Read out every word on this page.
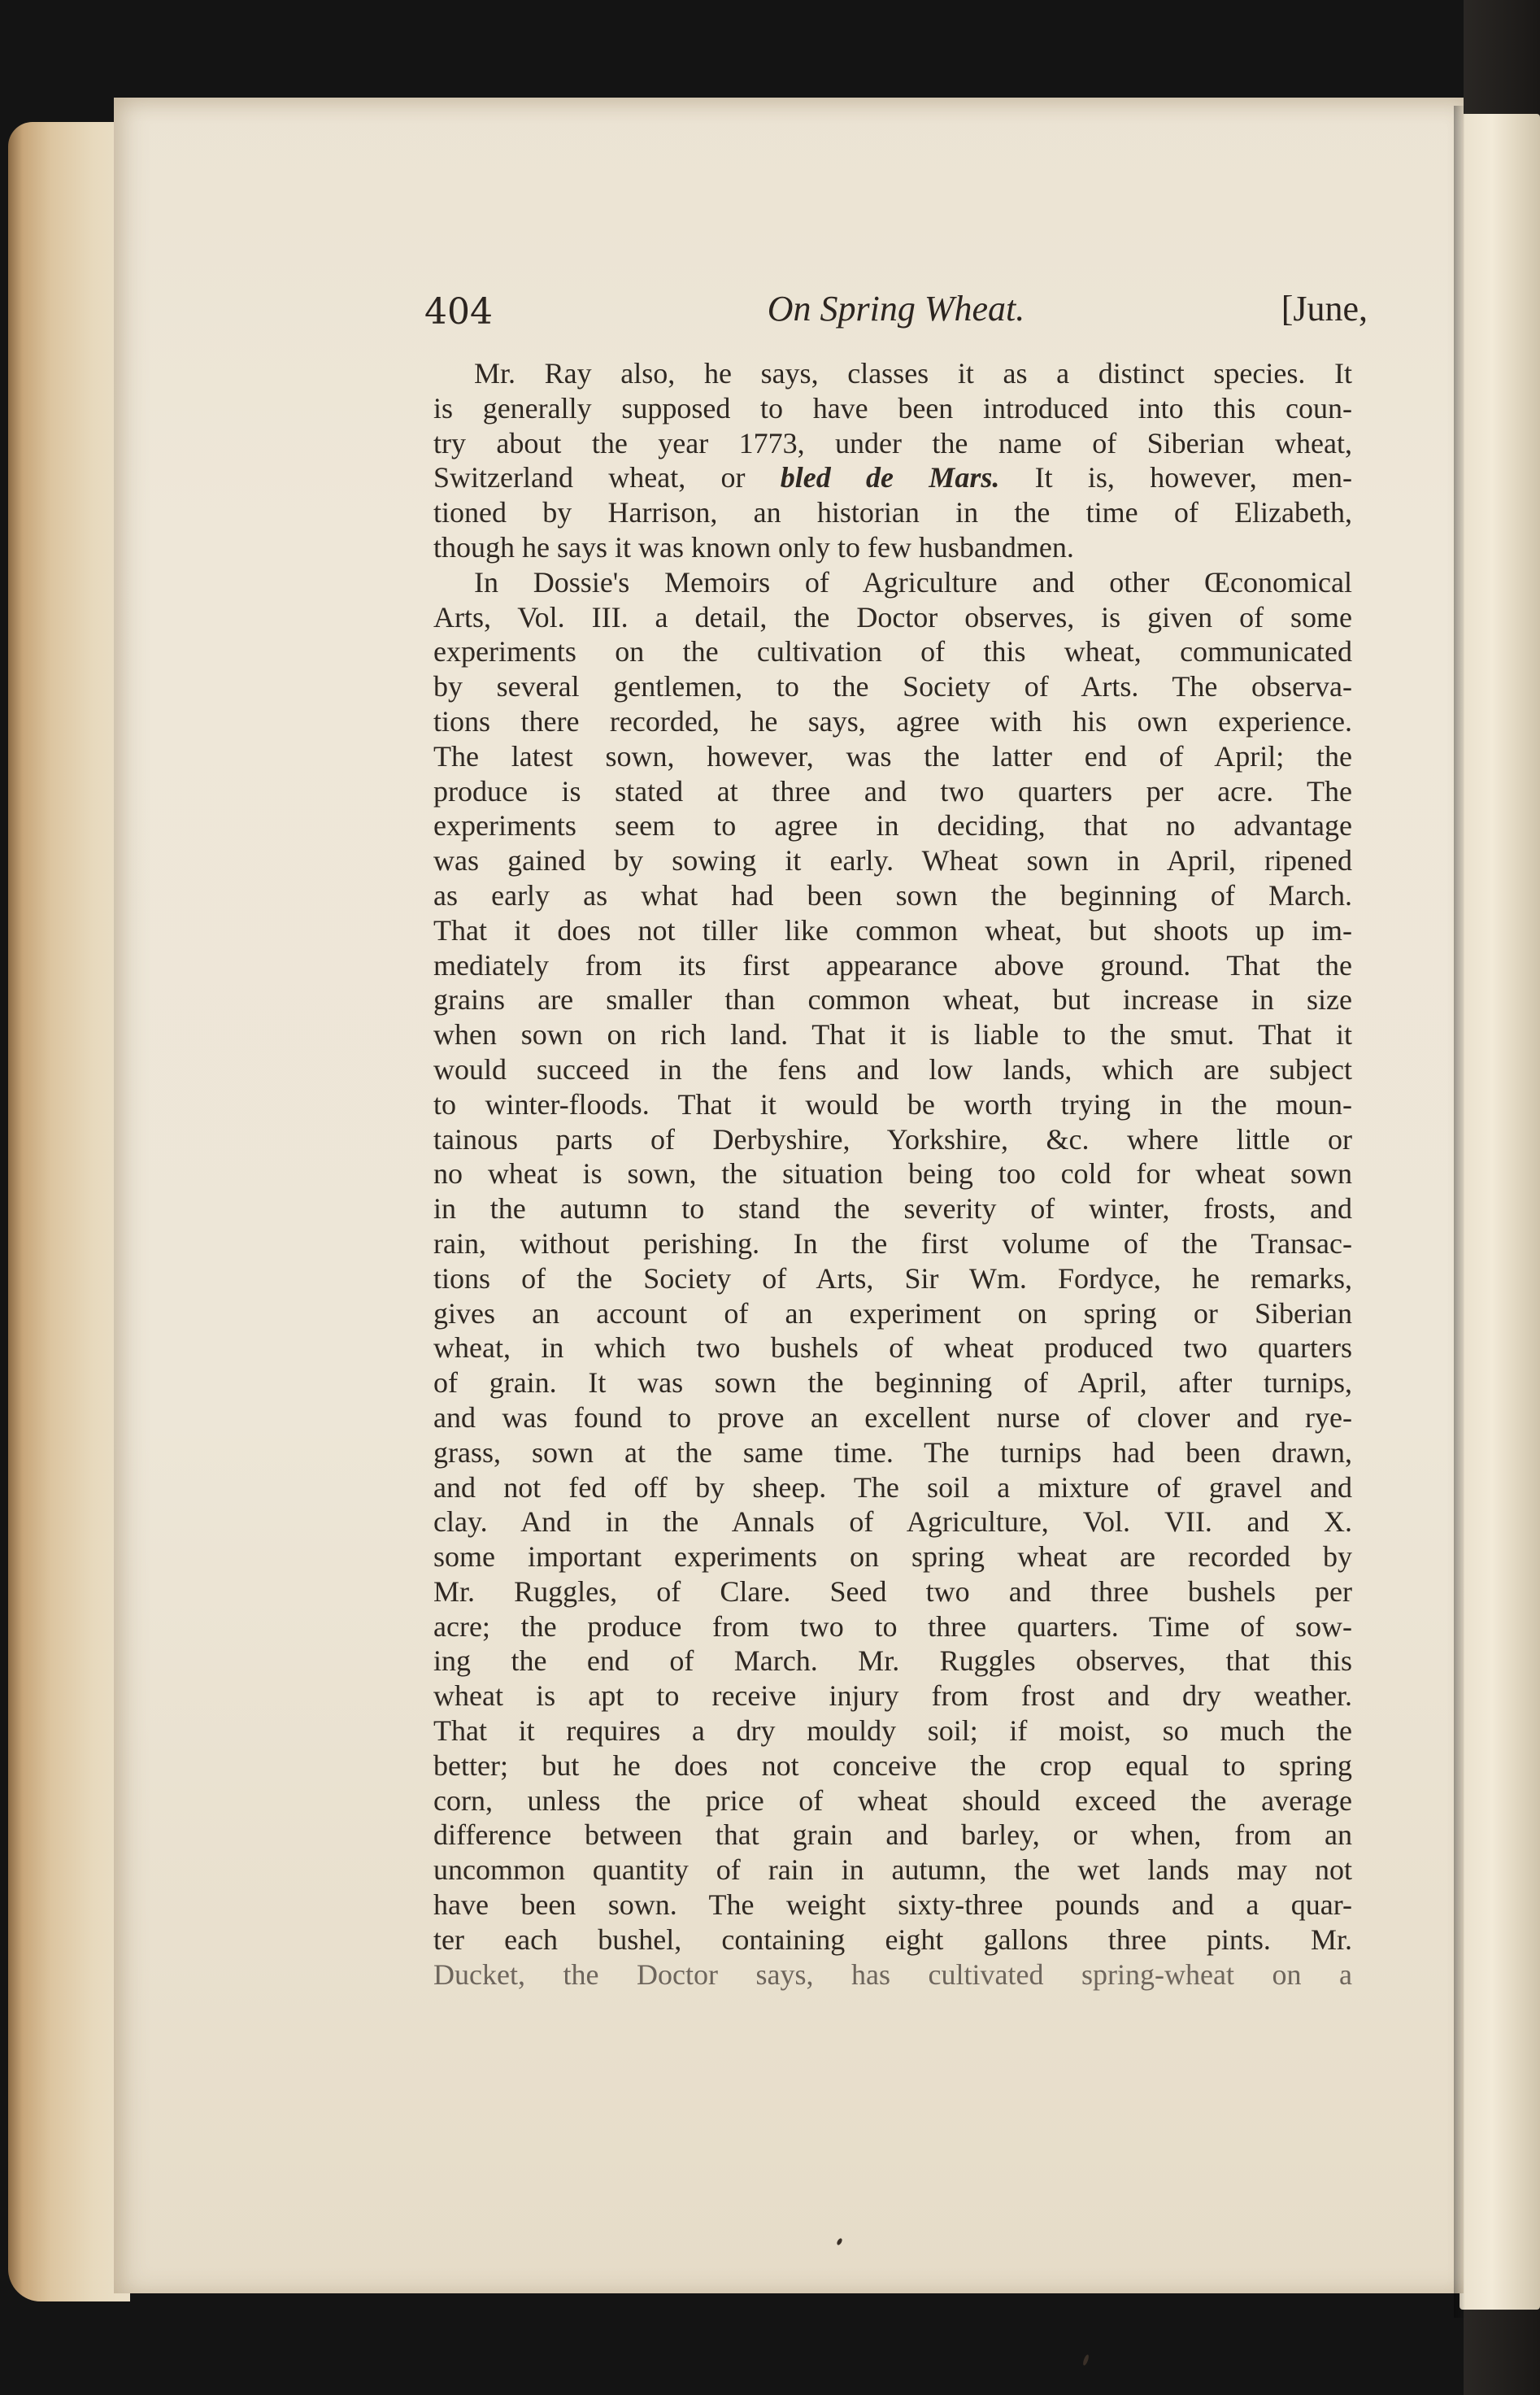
404	On Spring Wheat.	[June,
Mr. Ray also, he says, classes it as a distinct species. It
is generally supposed to have been introduced into this coun-
try about the year 1773, under the name of Siberian wheat,
Switzerland wheat, or bled de Mars. It is, however, men-
tioned by Harrison, an historian in the time of Elizabeth,
though he says it was known only to few husbandmen.
In Dossie's Memoirs of Agriculture and other Œconomical
Arts, Vol. III. a detail, the Doctor observes, is given of some
experiments on the cultivation of this wheat, communicated
by several gentlemen, to the Society of Arts. The observa-
tions there recorded, he says, agree with his own experience.
The latest sown, however, was the latter end of April; the
produce is stated at three and two quarters per acre. The
experiments seem to agree in deciding, that no advantage
was gained by sowing it early. Wheat sown in April, ripened
as early as what had been sown the beginning of March.
That it does not tiller like common wheat, but shoots up im-
mediately from its first appearance above ground. That the
grains are smaller than common wheat, but increase in size
when sown on rich land. That it is liable to the smut. That it
would succeed in the fens and low lands, which are subject
to winter-floods. That it would be worth trying in the moun-
tainous parts of Derbyshire, Yorkshire, &c. where little or
no wheat is sown, the situation being too cold for wheat sown
in the autumn to stand the severity of winter, frosts, and
rain, without perishing. In the first volume of the Transac-
tions of the Society of Arts, Sir Wm. Fordyce, he remarks,
gives an account of an experiment on spring or Siberian
wheat, in which two bushels of wheat produced two quarters
of grain. It was sown the beginning of April, after turnips,
and was found to prove an excellent nurse of clover and rye-
grass, sown at the same time. The turnips had been drawn,
and not fed off by sheep. The soil a mixture of gravel and
clay. And in the Annals of Agriculture, Vol. VII. and X.
some important experiments on spring wheat are recorded by
Mr. Ruggles, of Clare. Seed two and three bushels per
acre; the produce from two to three quarters. Time of sow-
ing the end of March. Mr. Ruggles observes, that this
wheat is apt to receive injury from frost and dry weather.
That it requires a dry mouldy soil; if moist, so much the
better; but he does not conceive the crop equal to spring
corn, unless the price of wheat should exceed the average
difference between that grain and barley, or when, from an
uncommon quantity of rain in autumn, the wet lands may not
have been sown. The weight sixty-three pounds and a quar-
ter each bushel, containing eight gallons three pints. Mr.
Ducket, the Doctor says, has cultivated spring-wheat on a
